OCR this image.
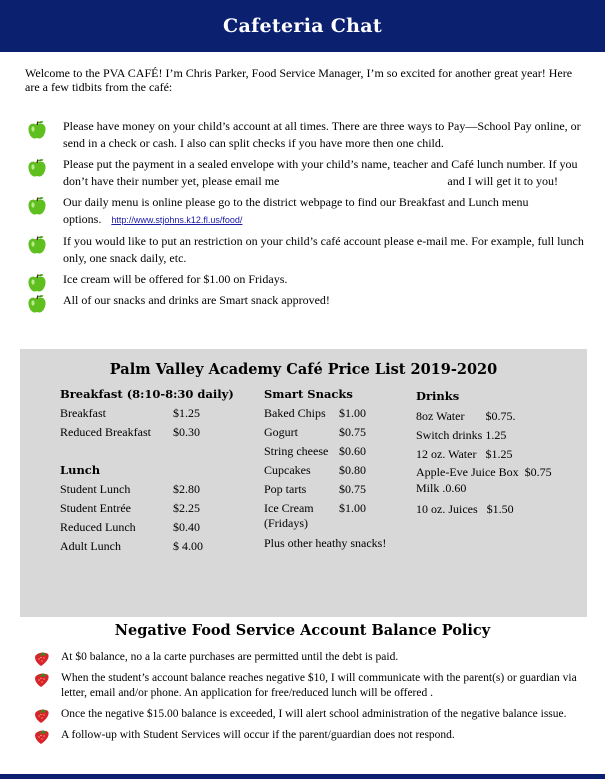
Cafeteria Chat
Welcome to the PVA CAFÉ! I’m Chris Parker, Food Service Manager, I’m so excited for another great year! Here are a few tidbits from the café:
Please have money on your child’s account at all times. There are three ways to Pay—School Pay online, or send in a check or cash. I also can split checks if you have more then one child.
Please put the payment in a sealed envelope with your child’s name, teacher and Café lunch number. If you don’t have their number yet, please email me	and I will get it to you!
Our daily menu is online please go to the district webpage to find our Breakfast and Lunch menu options. http://www.stjohns.k12.fl.us/food/
If you would like to put an restriction on your child’s café account please e-mail me. For example, full lunch only, one snack daily, etc.
Ice cream will be offered for $1.00 on Fridays.
All of our snacks and drinks are Smart snack approved!
Palm Valley Academy Café Price List 2019-2020
Breakfast (8:10-8:30 daily)
Breakfast	$1.25
Reduced Breakfast	$0.30
Lunch
Student Lunch	$2.80
Student Entrée	$2.25
Reduced Lunch	$0.40
Adult Lunch	$ 4.00
Smart Snacks
Baked Chips	$1.00
Gogurt	$0.75
String cheese $0.60
Cupcakes	$0.80
Pop tarts	$0.75
Ice Cream	$1.00
(Fridays)
Plus other heathy snacks!
Drinks
8oz Water       $0.75.
Switch drinks 1.25
12 oz. Water   $1.25
Apple-Eve Juice Box  $0.75
Milk .0.60
10 oz. Juices   $1.50
Negative Food Service Account Balance Policy
At $0 balance, no a la carte purchases are permitted until the debt is paid.
When the student’s account balance reaches negative $10, I will communicate with the parent(s) or guardian via letter, email and/or phone. An application for free/reduced lunch will be offered .
Once the negative $15.00 balance is exceeded, I will alert school administration of the negative balance issue.
A follow-up with Student Services will occur if the parent/guardian does not respond.
